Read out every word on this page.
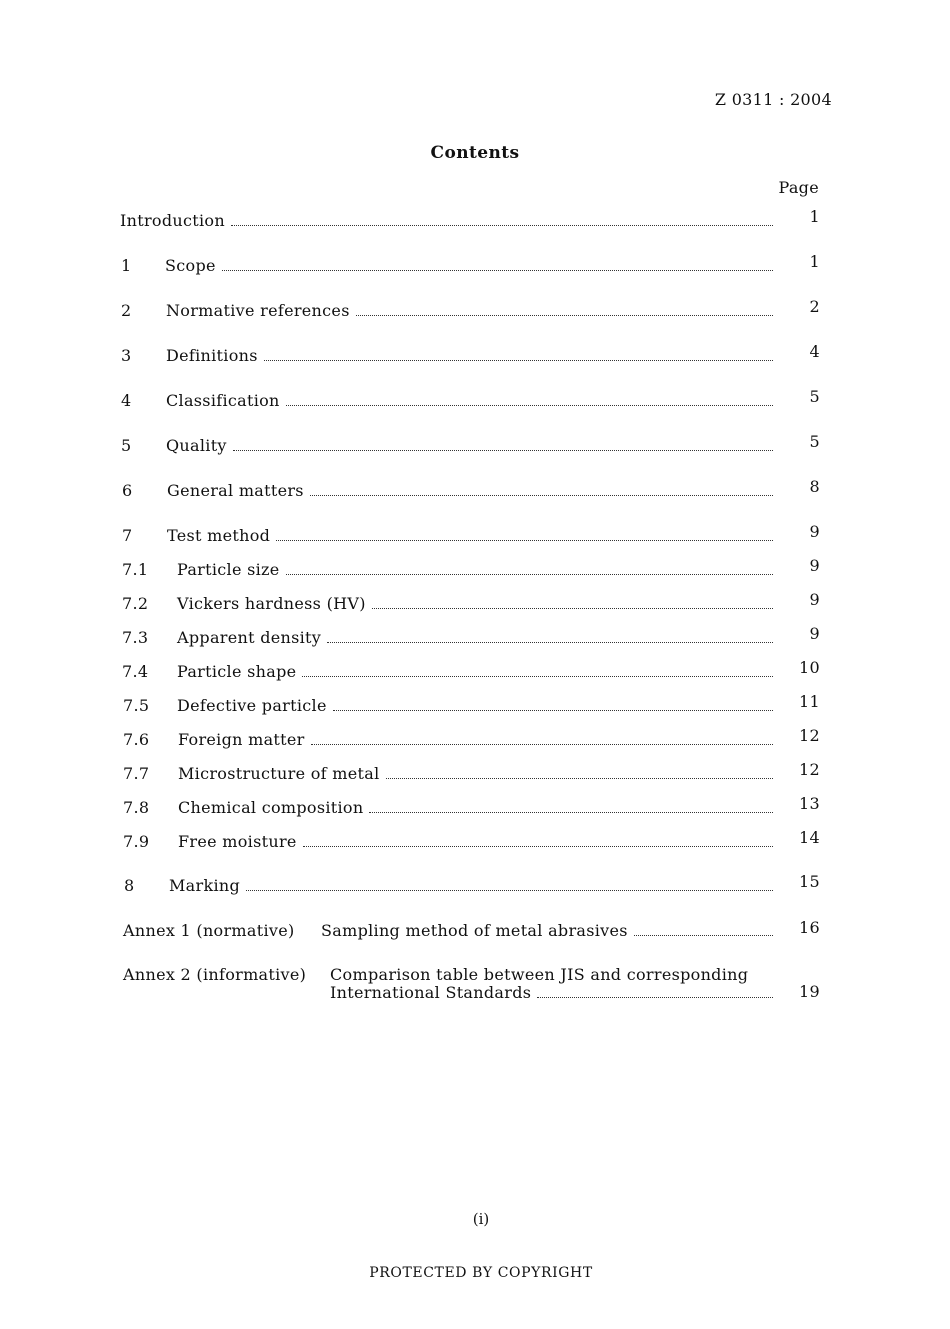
Z 0311 : 2004
Contents
Page
Introduction	1
1 Scope	1
2 Normative references	2
3 Definitions	4
4 Classification	5
5 Quality	5
6 General matters	8
7 Test method	9
7.1 Particle size	9
7.2 Vickers hardness (HV)	9
7.3 Apparent density	9
7.4 Particle shape	10
7.5 Defective particle	11
7.6 Foreign matter	12
7.7 Microstructure of metal	12
7.8 Chemical composition	13
7.9 Free moisture	14
8 Marking	15
Annex 1 (normative) Sampling method of metal abrasives	16
Annex 2 (informative) Comparison table between JIS and corresponding
International Standards	19
(i)
PROTECTED BY COPYRIGHT
